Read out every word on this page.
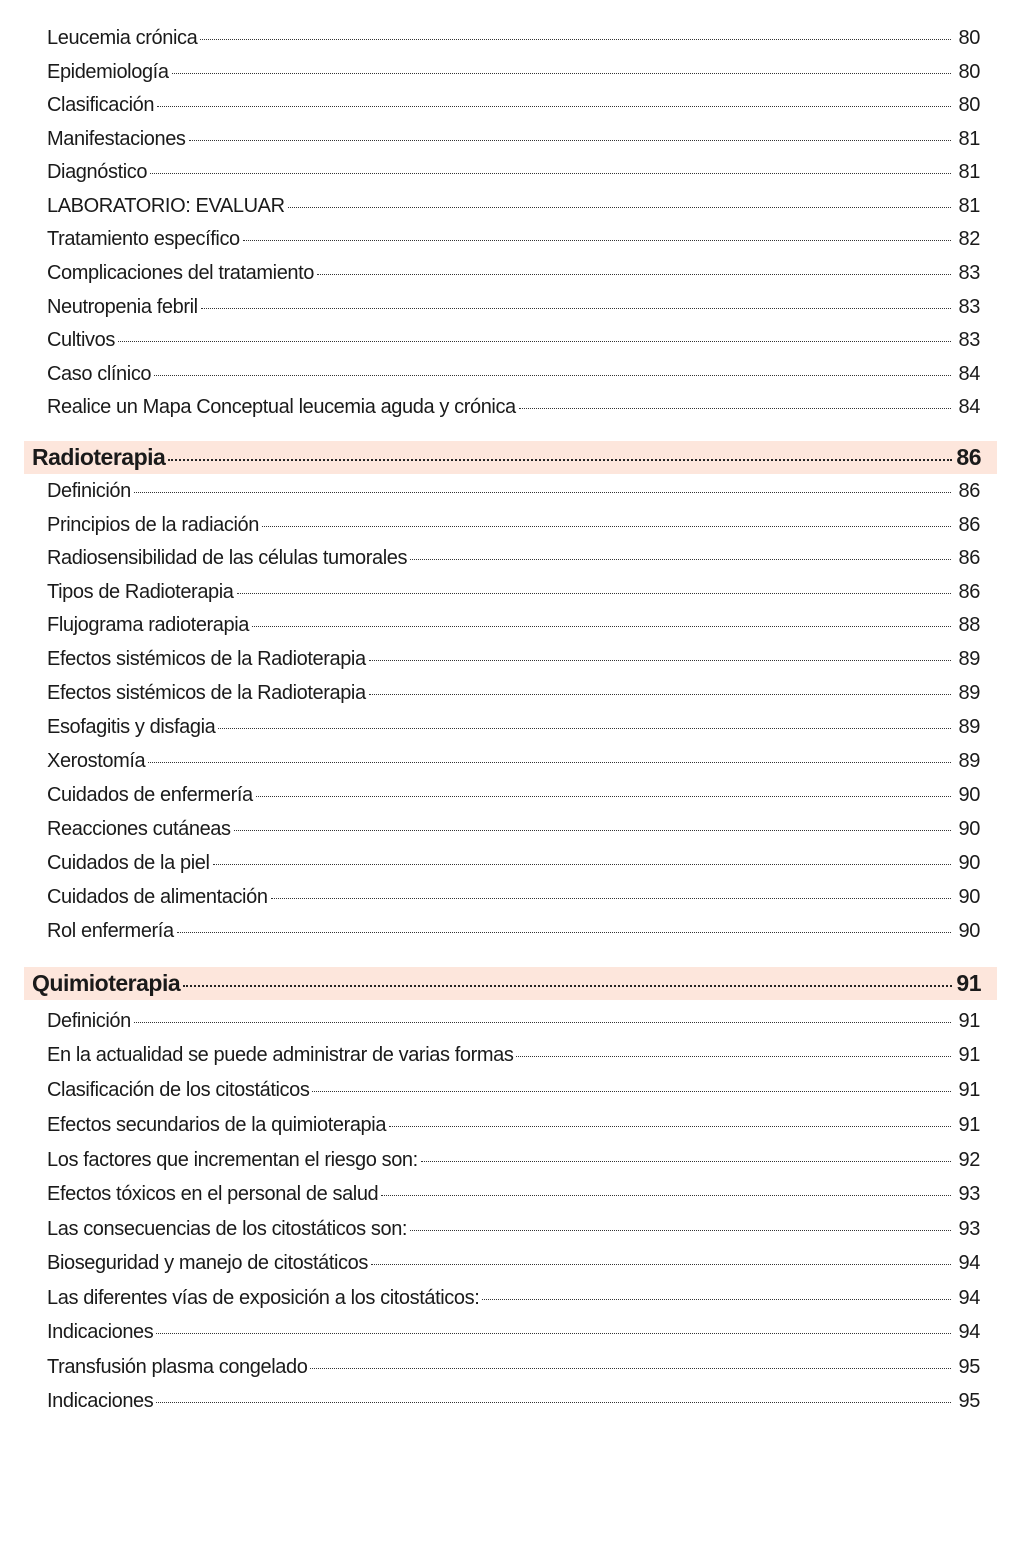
Leucemia crónica	80
Epidemiología	80
Clasificación	80
Manifestaciones	81
Diagnóstico	81
LABORATORIO: EVALUAR	81
Tratamiento específico	82
Complicaciones del tratamiento	83
Neutropenia febril	83
Cultivos	83
Caso clínico	84
Realice un Mapa Conceptual leucemia aguda y crónica	84
Radioterapia	86
Definición	86
Principios de la radiación	86
Radiosensibilidad de las células tumorales	86
Tipos de Radioterapia	86
Flujograma radioterapia	88
Efectos sistémicos de la Radioterapia	89
Efectos sistémicos de la Radioterapia	89
Esofagitis y disfagia	89
Xerostomía	89
Cuidados de enfermería	90
Reacciones cutáneas	90
Cuidados de la piel	90
Cuidados de alimentación	90
Rol enfermería	90
Quimioterapia	91
Definición	91
En la actualidad se puede administrar de varias formas	91
Clasificación de los citostáticos	91
Efectos secundarios de la quimioterapia	91
Los factores que incrementan el riesgo son:	92
Efectos tóxicos en el personal de salud	93
Las consecuencias de los citostáticos son:	93
Bioseguridad y manejo de citostáticos	94
Las diferentes vías de exposición a los citostáticos:	94
Indicaciones	94
Transfusión plasma congelado	95
Indicaciones	95
